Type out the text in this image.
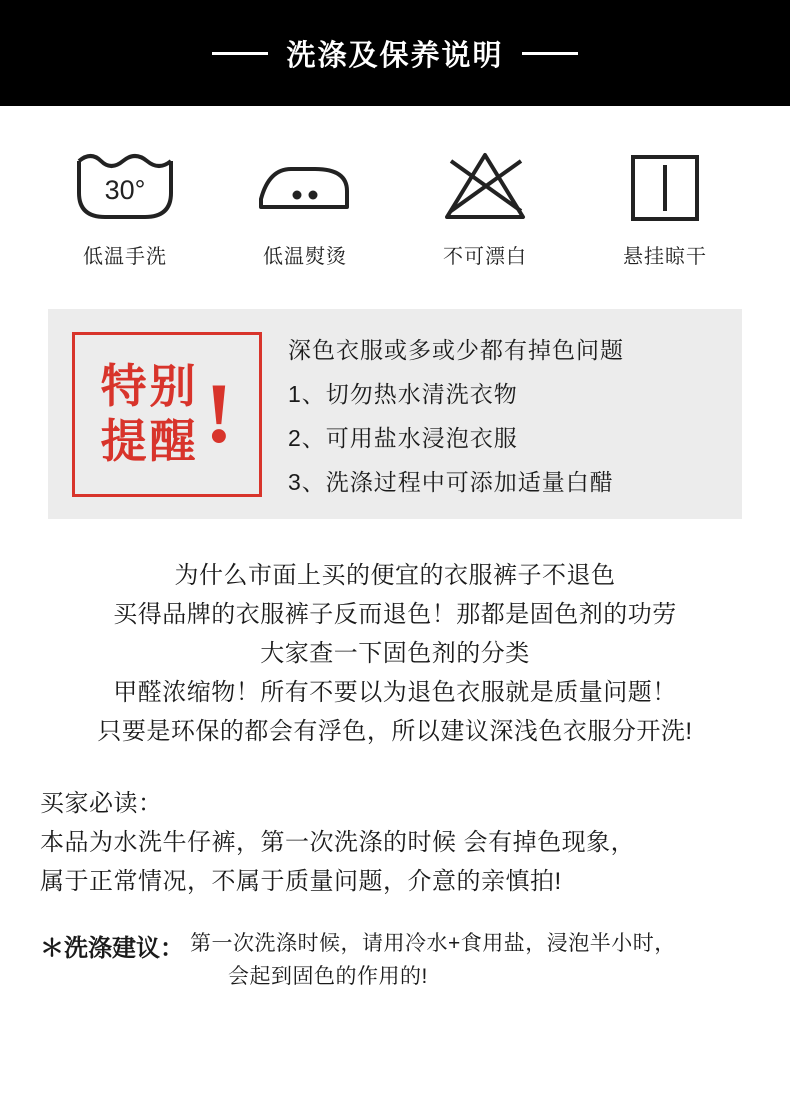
洗涤及保养说明
30°
低温手洗	低温熨烫	不可漂白	悬挂晾干
特别
提醒 !
深色衣服或多或少都有掉色问题
1、切勿热水清洗衣物
2、可用盐水浸泡衣服
3、洗涤过程中可添加适量白醋
为什么市面上买的便宜的衣服裤子不退色
买得品牌的衣服裤子反而退色！那都是固色剂的功劳
大家查一下固色剂的分类
甲醛浓缩物！所有不要以为退色衣服就是质量问题！
只要是环保的都会有浮色，所以建议深浅色衣服分开洗!
买家必读：
本品为水洗牛仔裤，第一次洗涤的时候 会有掉色现象，
属于正常情况，不属于质量问题，介意的亲慎拍!
＊洗涤建议： 第一次洗涤时候，请用冷水+食用盐，浸泡半小时，
会起到固色的作用的!
